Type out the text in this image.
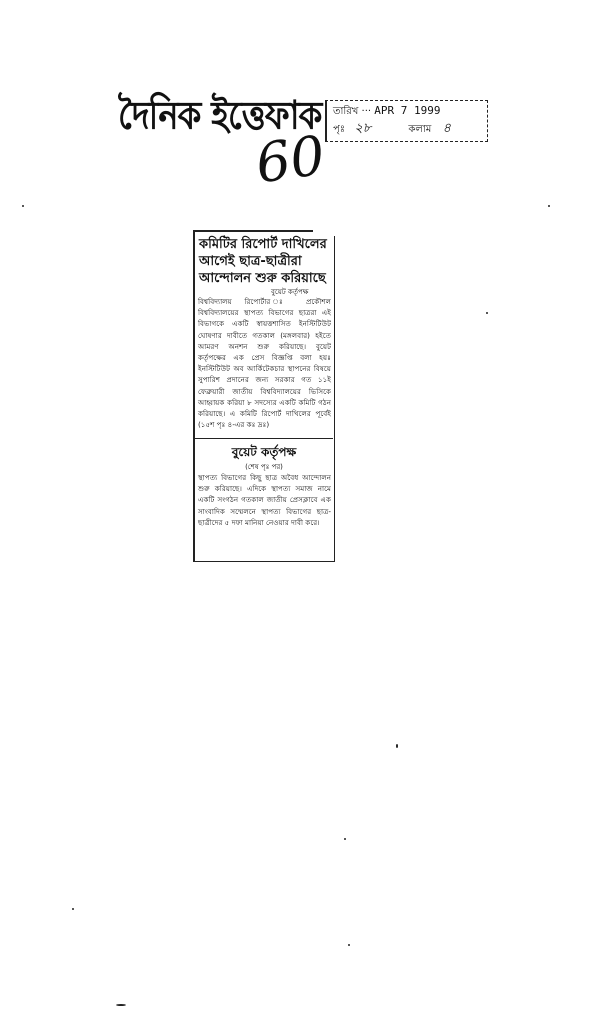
দৈনিক ইত্তেফাক তারিখ ··· APR 7 1999
পৃঃ ২৮	কলাম ৪
60
কমিটির রিপোর্ট দাখিলের আগেই ছাত্র-ছাত্রীরা আন্দোলন শুরু করিয়াছে
বুয়েট কর্তৃপক্ষ
বিশ্ববিদ্যালয় রিপোর্টার ঃ প্রকৌশল বিশ্ববিদ্যালয়ের স্থাপত্য বিভাগের ছাত্ররা এই বিভাগকে একটি স্বায়ত্তশাসিত ইনস্টিটিউট ঘোষণার দাবীতে গতকাল (মঙ্গলবার) হইতে আমরণ অনশন শুরু করিয়াছে। বুয়েট কর্তৃপক্ষের এক প্রেস বিজ্ঞপ্তি বলা হয়ঃ ইনস্টিটিউট অব আর্কিটেকচার স্থাপনের বিষয়ে সুপারিশ প্রদানের জন্য সরকার গত ১১ই ফেব্রুয়ারী জাতীয় বিশ্ববিদ্যালয়ের ভিসিকে আহ্বায়ক করিয়া ৮ সদস্যের একটি কমিটি গঠন করিয়াছে। এ কমিটি রিপোর্ট দাখিলের পূর্বেই (১৫শ পৃঃ ৪-এর কঃ দ্রঃ)
বুয়েট কর্তৃপক্ষ
(শেষ পৃঃ পর)
স্থাপত্য বিভাগের কিছু ছাত্র অবৈধ আন্দোলন শুরু করিয়াছে। এদিকে স্থাপত্য সমাজ নামে একটি সংগঠন গতকাল জাতীয় প্রেসক্লাবে এক সাংবাদিক সম্মেলনে স্থাপত্য বিভাগের ছাত্র-ছাত্রীদের ৫ দফা মানিয়া নেওয়ার দাবী করে।
